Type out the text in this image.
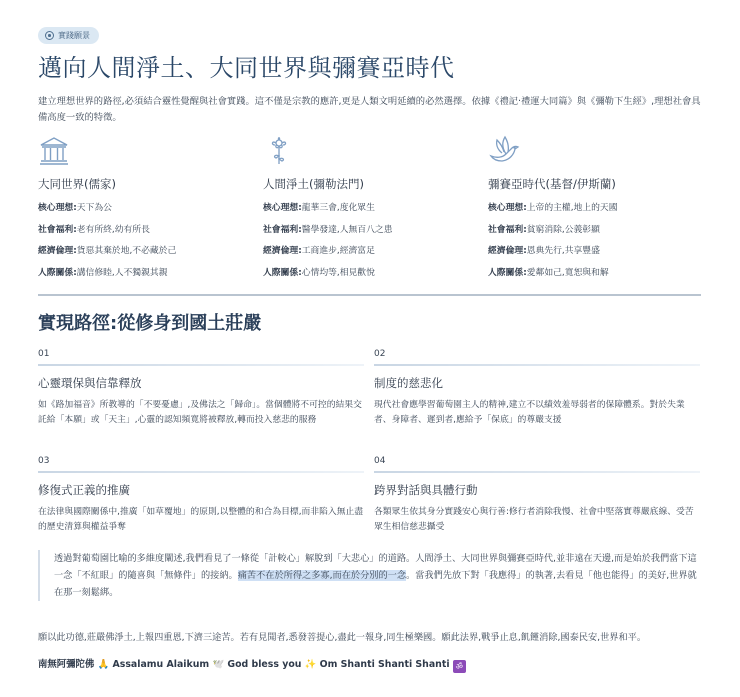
實踐願景
邁向人間淨土、大同世界與彌賽亞時代

建立理想世界的路徑,必須結合靈性覺醒與社會實踐。這不僅是宗教的應許,更是人類文明延續的必然選擇。依據《禮記·禮運大同篇》與《彌勒下生經》,理想社會具備高度一致的特徵。

大同世界(儒家)
核心理想:天下為公
社會福利:老有所終,幼有所長
經濟倫理:貨惡其棄於地,不必藏於己
人際關係:講信修睦,人不獨親其親
人間淨土(彌勒法門)
核心理想:龍華三會,度化眾生
社會福利:醫學發達,人無百八之患
經濟倫理:工商進步,經濟富足
人際關係:心情均等,相見歡悅
彌賽亞時代(基督/伊斯蘭)
核心理想:上帝的主權,地上的天國
社會福利:貧窮消除,公義彰顯
經濟倫理:恩典先行,共享豐盛
人際關係:愛鄰如己,寬恕與和解
實現路徑:從修身到國土莊嚴
01
心靈環保與信靠釋放

如《路加福音》所教導的「不要憂慮」,及佛法之「歸命」。當個體將不可控的結果交託給「本願」或「天主」,心靈的認知頻寬將被釋放,轉而投入慈悲的服務

02
制度的慈悲化

現代社會應學習葡萄園主人的精神,建立不以績效羞辱弱者的保障體系。對於失業者、身障者、遲到者,應給予「保底」的尊嚴支援

03
修復式正義的推廣

在法律與國際關係中,推廣「如草覆地」的原則,以整體的和合為目標,而非陷入無止盡的歷史清算與權益爭奪

04
跨界對話與具體行動

各類眾生依其身分實踐安心與行善:修行者消除我慢、社會中堅落實尊嚴底線、受苦眾生相信慈悲攝受

透過對葡萄園比喻的多維度闡述,我們看見了一條從「計較心」解脫到「大悲心」的道路。人間淨土、大同世界與彌賽亞時代,並非遠在天邊,而是始於我們當下這一念「不紅眼」的隨喜與「無條件」的接納。痛苦不在於所得之多寡,而在於分別的一念。當我們先放下對「我應得」的執著,去看見「他也能得」的美好,世界就在那一刻鬆綁。

願以此功德,莊嚴佛淨土,上報四重恩,下濟三途苦。若有見聞者,悉發菩提心,盡此一報身,同生極樂國。願此法界,戰爭止息,飢饉消除,國泰民安,世界和平。

南無阿彌陀佛 🙏 Assalamu Alaikum 🕊️ God bless you ✨ Om Shanti Shanti Shanti ॐ
